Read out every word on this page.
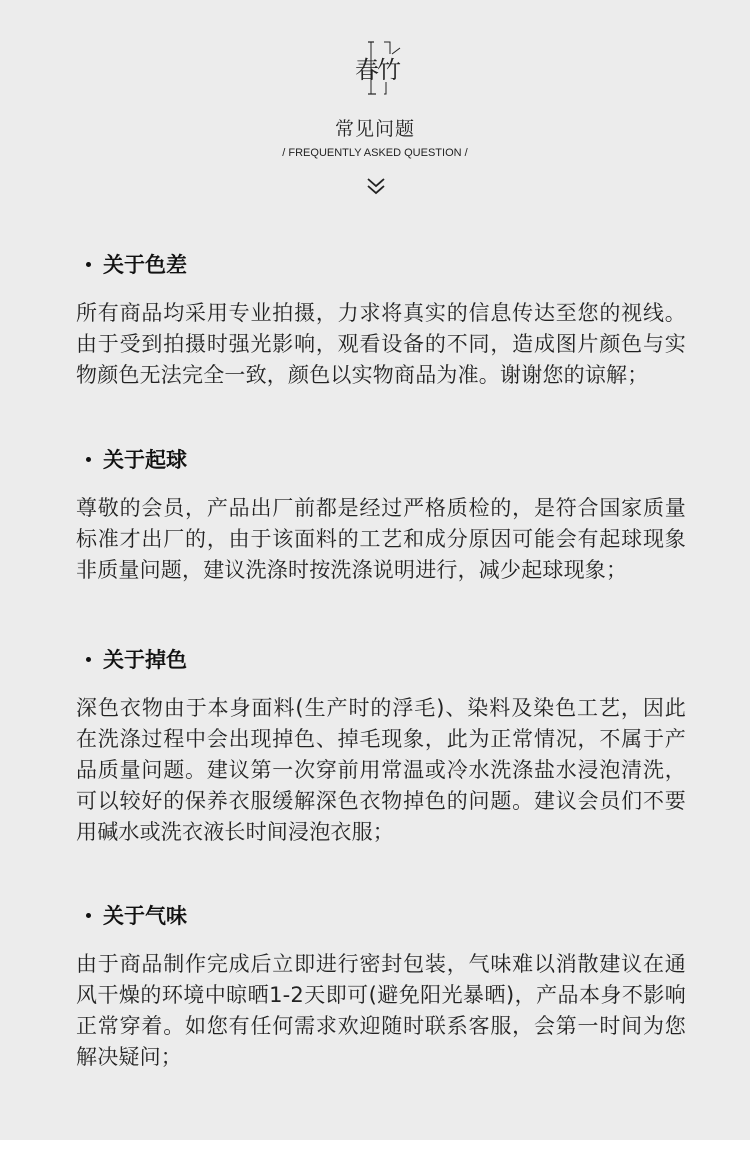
春竹
常见问题
/ FREQUENTLY ASKED QUESTION /
关于色差
所有商品均采用专业拍摄，力求将真实的信息传达至您的视线。由于受到拍摄时强光影响，观看设备的不同，造成图片颜色与实物颜色无法完全一致，颜色以实物商品为准。谢谢您的谅解；
关于起球
尊敬的会员，产品出厂前都是经过严格质检的，是符合国家质量标准才出厂的，由于该面料的工艺和成分原因可能会有起球现象非质量问题，建议洗涤时按洗涤说明进行，减少起球现象；
关于掉色
深色衣物由于本身面料(生产时的浮毛)、染料及染色工艺，因此在洗涤过程中会出现掉色、掉毛现象，此为正常情况，不属于产品质量问题。建议第一次穿前用常温或冷水洗涤盐水浸泡清洗，可以较好的保养衣服缓解深色衣物掉色的问题。建议会员们不要用碱水或洗衣液长时间浸泡衣服；
关于气味
由于商品制作完成后立即进行密封包装，气味难以消散建议在通风干燥的环境中晾晒1-2天即可(避免阳光暴晒)，产品本身不影响正常穿着。如您有任何需求欢迎随时联系客服，会第一时间为您解决疑问；
